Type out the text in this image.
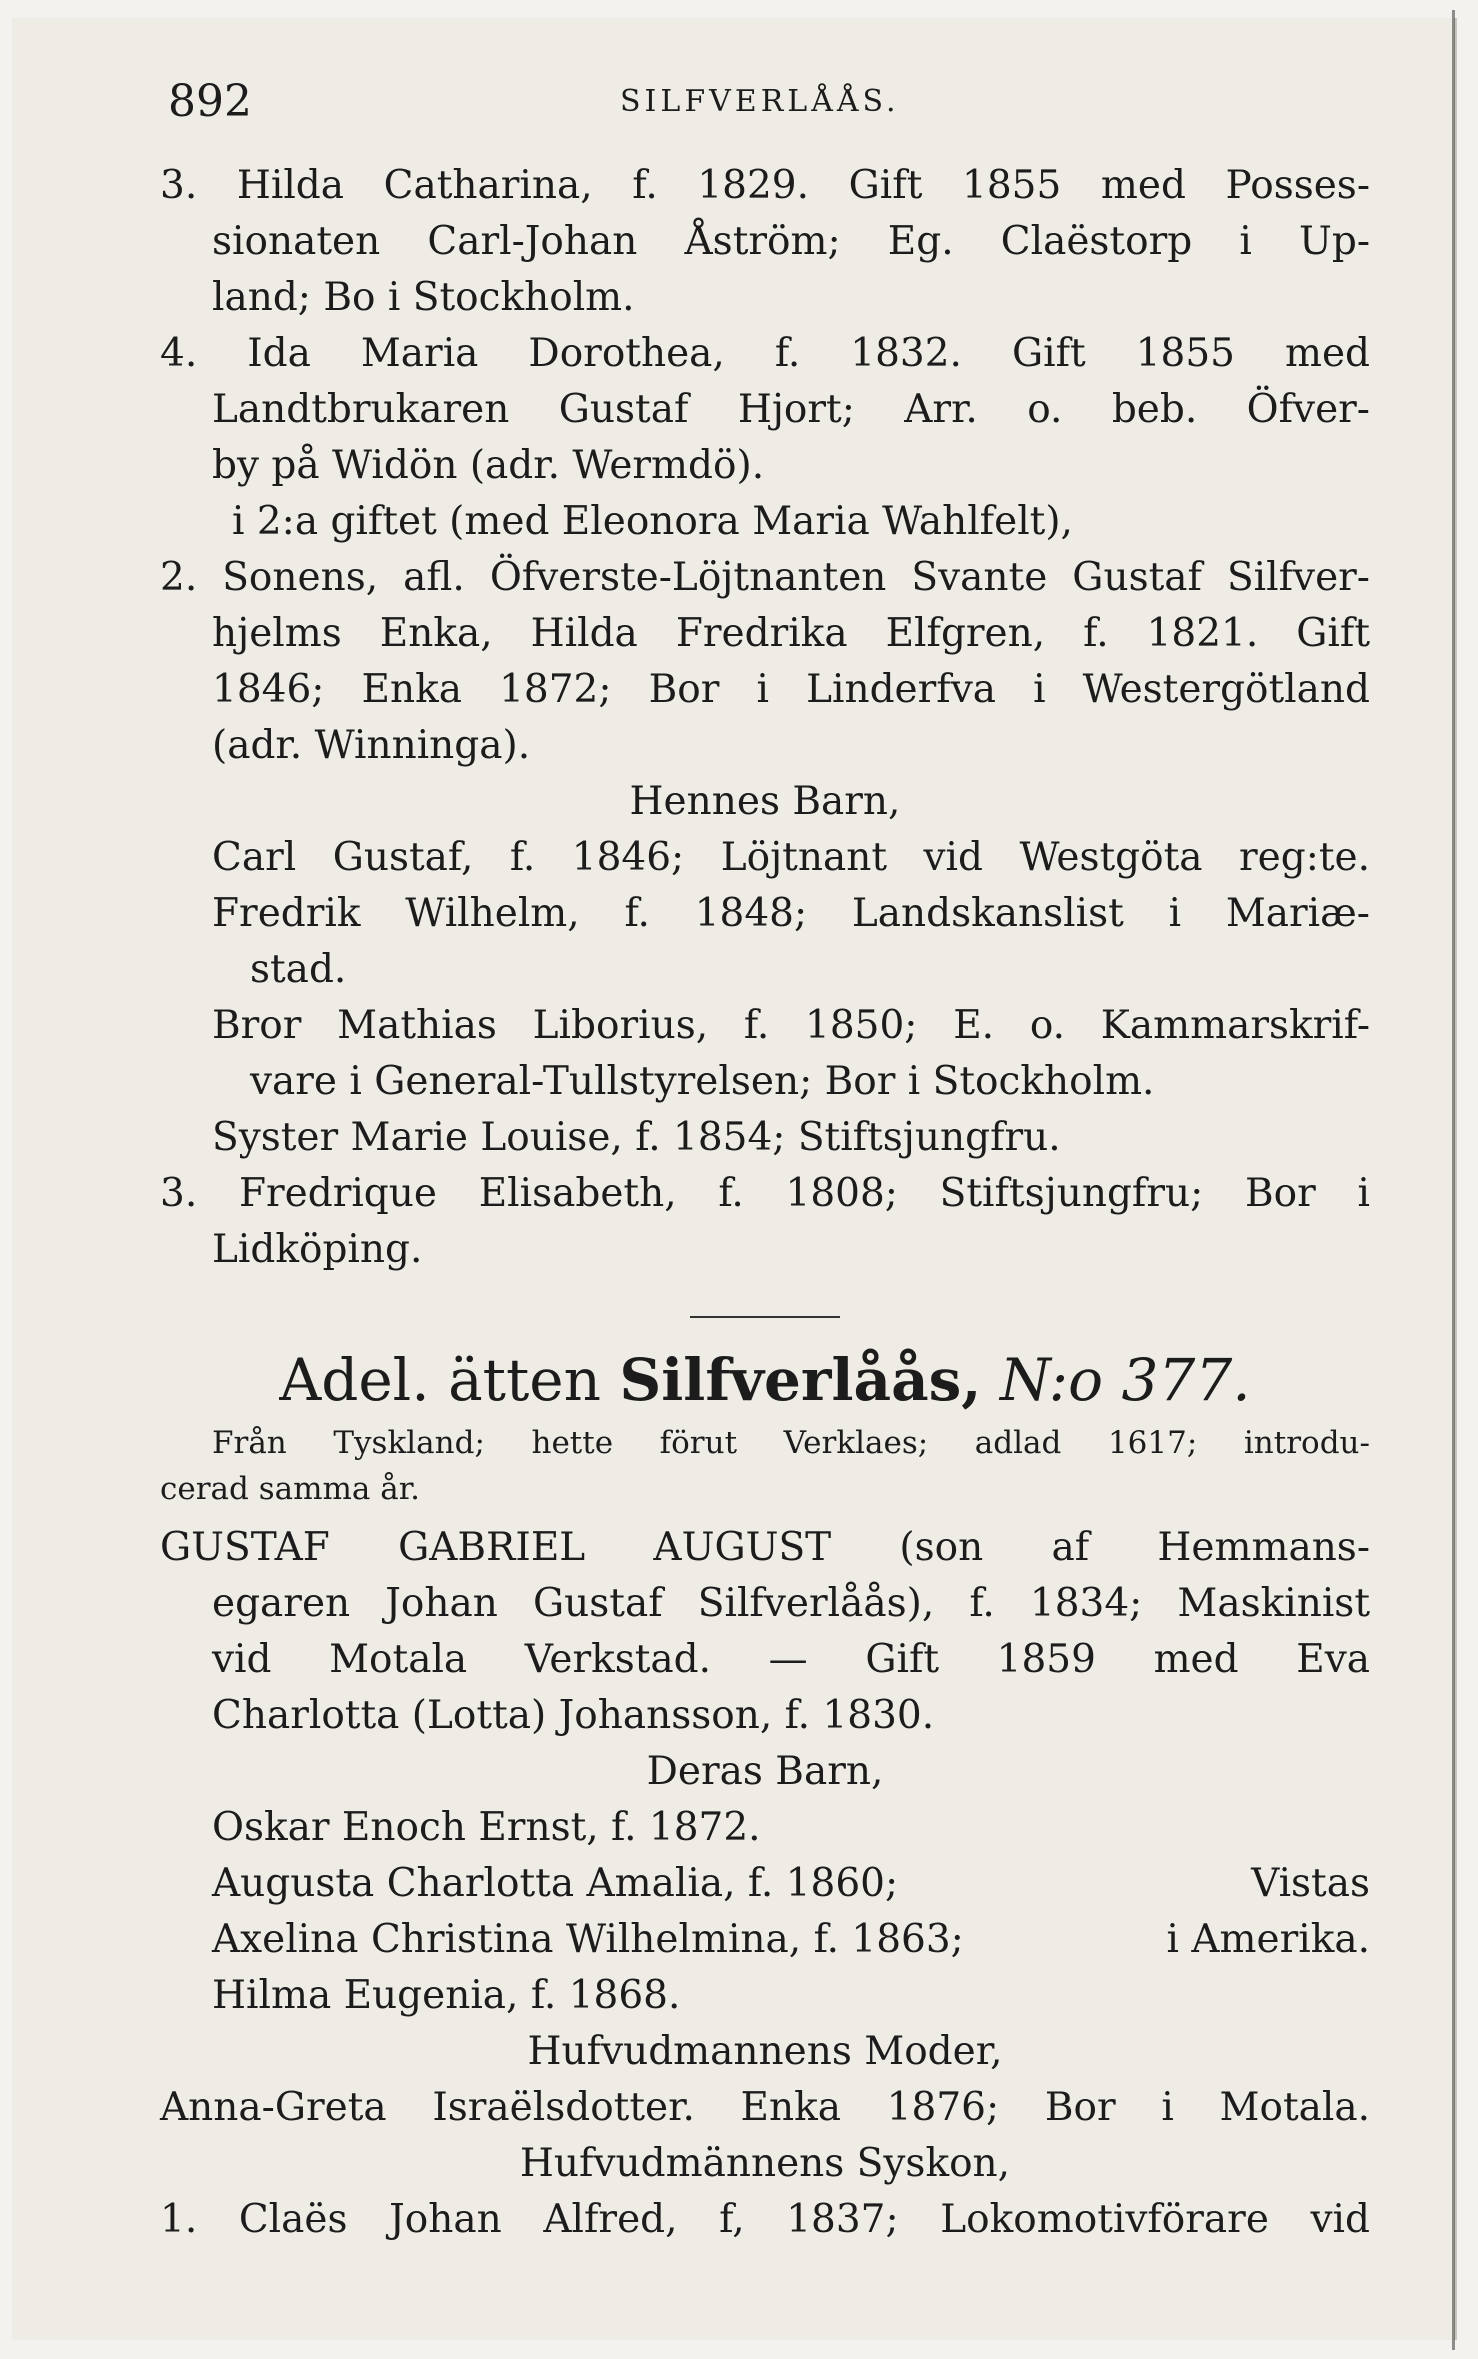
892	SILFVERLÅÅS.
3. Hilda Catharina, f. 1829. Gift 1855 med Posses-
sionaten Carl-Johan Åström; Eg. Claëstorp i Up-
land; Bo i Stockholm.
4. Ida Maria Dorothea, f. 1832. Gift 1855 med
Landtbrukaren Gustaf Hjort; Arr. o. beb. Öfver-
by på Widön (adr. Wermdö).
i 2:a giftet (med Eleonora Maria Wahlfelt),
2. Sonens, afl. Öfverste-Löjtnanten Svante Gustaf Silfver-
hjelms Enka, Hilda Fredrika Elfgren, f. 1821. Gift
1846; Enka 1872; Bor i Linderfva i Westergötland
(adr. Winninga).
Hennes Barn,
Carl Gustaf, f. 1846; Löjtnant vid Westgöta reg:te.
Fredrik Wilhelm, f. 1848; Landskanslist i Mariæ-
stad.
Bror Mathias Liborius, f. 1850; E. o. Kammarskrif-
vare i General-Tullstyrelsen; Bor i Stockholm.
Syster Marie Louise, f. 1854; Stiftsjungfru.
3. Fredrique Elisabeth, f. 1808; Stiftsjungfru; Bor i
Lidköping.
Adel. ätten Silfverlåås, N:o 377.
Från Tyskland; hette förut Verklaes; adlad 1617; introdu-
cerad samma år.
GUSTAF GABRIEL AUGUST (son af Hemmans-
egaren Johan Gustaf Silfverlåås), f. 1834; Maskinist
vid Motala Verkstad. — Gift 1859 med Eva
Charlotta (Lotta) Johansson, f. 1830.
Deras Barn,
Oskar Enoch Ernst, f. 1872.
Augusta Charlotta Amalia, f. 1860;	Vistas
Axelina Christina Wilhelmina, f. 1863;	i Amerika.
Hilma Eugenia, f. 1868.
Hufvudmannens Moder,
Anna-Greta Israëlsdotter. Enka 1876; Bor i Motala.
Hufvudmännens Syskon,
1. Claës Johan Alfred, f, 1837; Lokomotivförare vid
